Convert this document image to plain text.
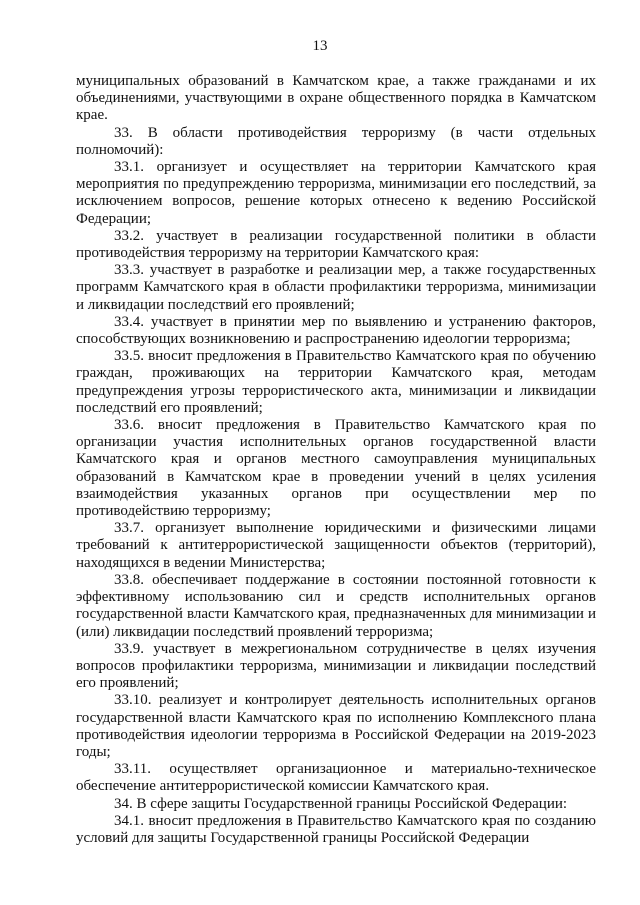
13

муниципальных образований в Камчатском крае, а также гражданами и их объединениями, участвующими в охране общественного порядка в Камчатском крае.

33. В области противодействия терроризму (в части отдельных полномочий):

33.1. организует и осуществляет на территории Камчатского края мероприятия по предупреждению терроризма, минимизации его последствий, за исключением вопросов, решение которых отнесено к ведению Российской Федерации;

33.2. участвует в реализации государственной политики в области противодействия терроризму на территории Камчатского края:

33.3. участвует в разработке и реализации мер, а также государственных программ Камчатского края в области профилактики терроризма, минимизации и ликвидации последствий его проявлений;

33.4. участвует в принятии мер по выявлению и устранению факторов, способствующих возникновению и распространению идеологии терроризма;

33.5. вносит предложения в Правительство Камчатского края по обучению граждан, проживающих на территории Камчатского края, методам предупреждения угрозы террористического акта, минимизации и ликвидации последствий его проявлений;

33.6. вносит предложения в Правительство Камчатского края по организации участия исполнительных органов государственной власти Камчатского края и органов местного самоуправления муниципальных образований в Камчатском крае в проведении учений в целях усиления взаимодействия указанных органов при осуществлении мер по противодействию терроризму;

33.7. организует выполнение юридическими и физическими лицами требований к антитеррористической защищенности объектов (территорий), находящихся в ведении Министерства;

33.8. обеспечивает поддержание в состоянии постоянной готовности к эффективному использованию сил и средств исполнительных органов государственной власти Камчатского края, предназначенных для минимизации и (или) ликвидации последствий проявлений терроризма;

33.9. участвует в межрегиональном сотрудничестве в целях изучения вопросов профилактики терроризма, минимизации и ликвидации последствий его проявлений;

33.10. реализует и контролирует деятельность исполнительных органов государственной власти Камчатского края по исполнению Комплексного плана противодействия идеологии терроризма в Российской Федерации на 2019-2023 годы;

33.11. осуществляет организационное и материально-техническое обеспечение антитеррористической комиссии Камчатского края.

34. В сфере защиты Государственной границы Российской Федерации:

34.1. вносит предложения в Правительство Камчатского края по созданию условий для защиты Государственной границы Российской Федерации
